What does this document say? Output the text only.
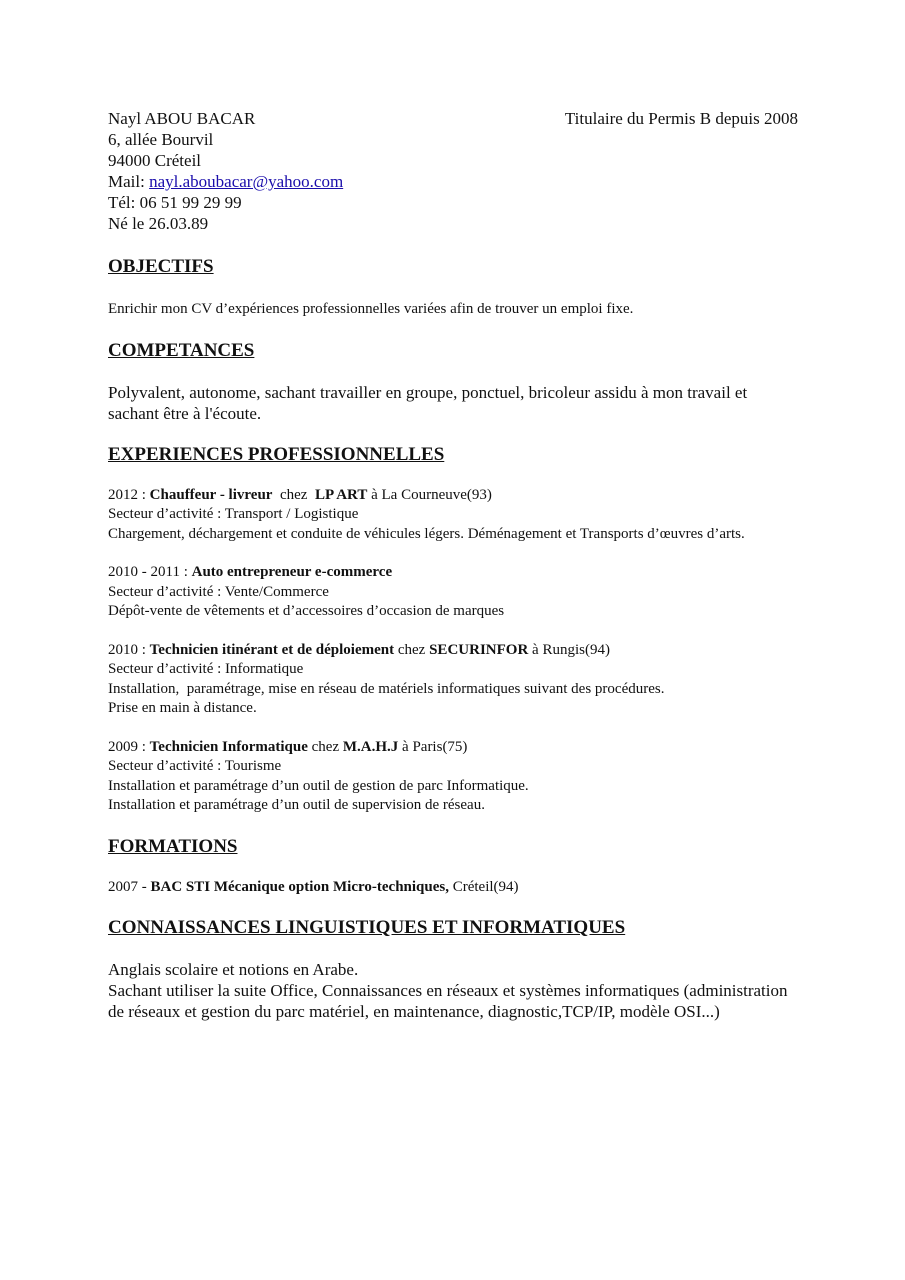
Nayl ABOU BACAR	Titulaire du Permis B depuis 2008
6, allée Bourvil
94000 Créteil
Mail: nayl.aboubacar@yahoo.com
Tél: 06 51 99 29 99
Né le 26.03.89
OBJECTIFS
Enrichir mon CV d’expériences professionnelles variées afin de trouver un emploi fixe.
COMPETANCES
Polyvalent, autonome, sachant travailler en groupe, ponctuel, bricoleur assidu à mon travail et sachant être à l'écoute.
EXPERIENCES PROFESSIONNELLES
2012 : Chauffeur - livreur  chez  LP ART à La Courneuve(93)
Secteur d’activité : Transport / Logistique
Chargement, déchargement et conduite de véhicules légers. Déménagement et Transports d’œuvres d’arts.
2010 - 2011 : Auto entrepreneur e-commerce
Secteur d’activité : Vente/Commerce
Dépôt-vente de vêtements et d’accessoires d’occasion de marques
2010 : Technicien itinérant et de déploiement chez SECURINFOR à Rungis(94)
Secteur d’activité : Informatique
Installation,  paramétrage, mise en réseau de matériels informatiques suivant des procédures.
Prise en main à distance.
2009 : Technicien Informatique chez M.A.H.J à Paris(75)
Secteur d’activité : Tourisme
Installation et paramétrage d’un outil de gestion de parc Informatique.
Installation et paramétrage d’un outil de supervision de réseau.
FORMATIONS
2007 - BAC STI Mécanique option Micro-techniques, Créteil(94)
CONNAISSANCES LINGUISTIQUES ET INFORMATIQUES
Anglais scolaire et notions en Arabe.
Sachant utiliser la suite Office, Connaissances en réseaux et systèmes informatiques (administration de réseaux et gestion du parc matériel, en maintenance, diagnostic,TCP/IP, modèle OSI...)
